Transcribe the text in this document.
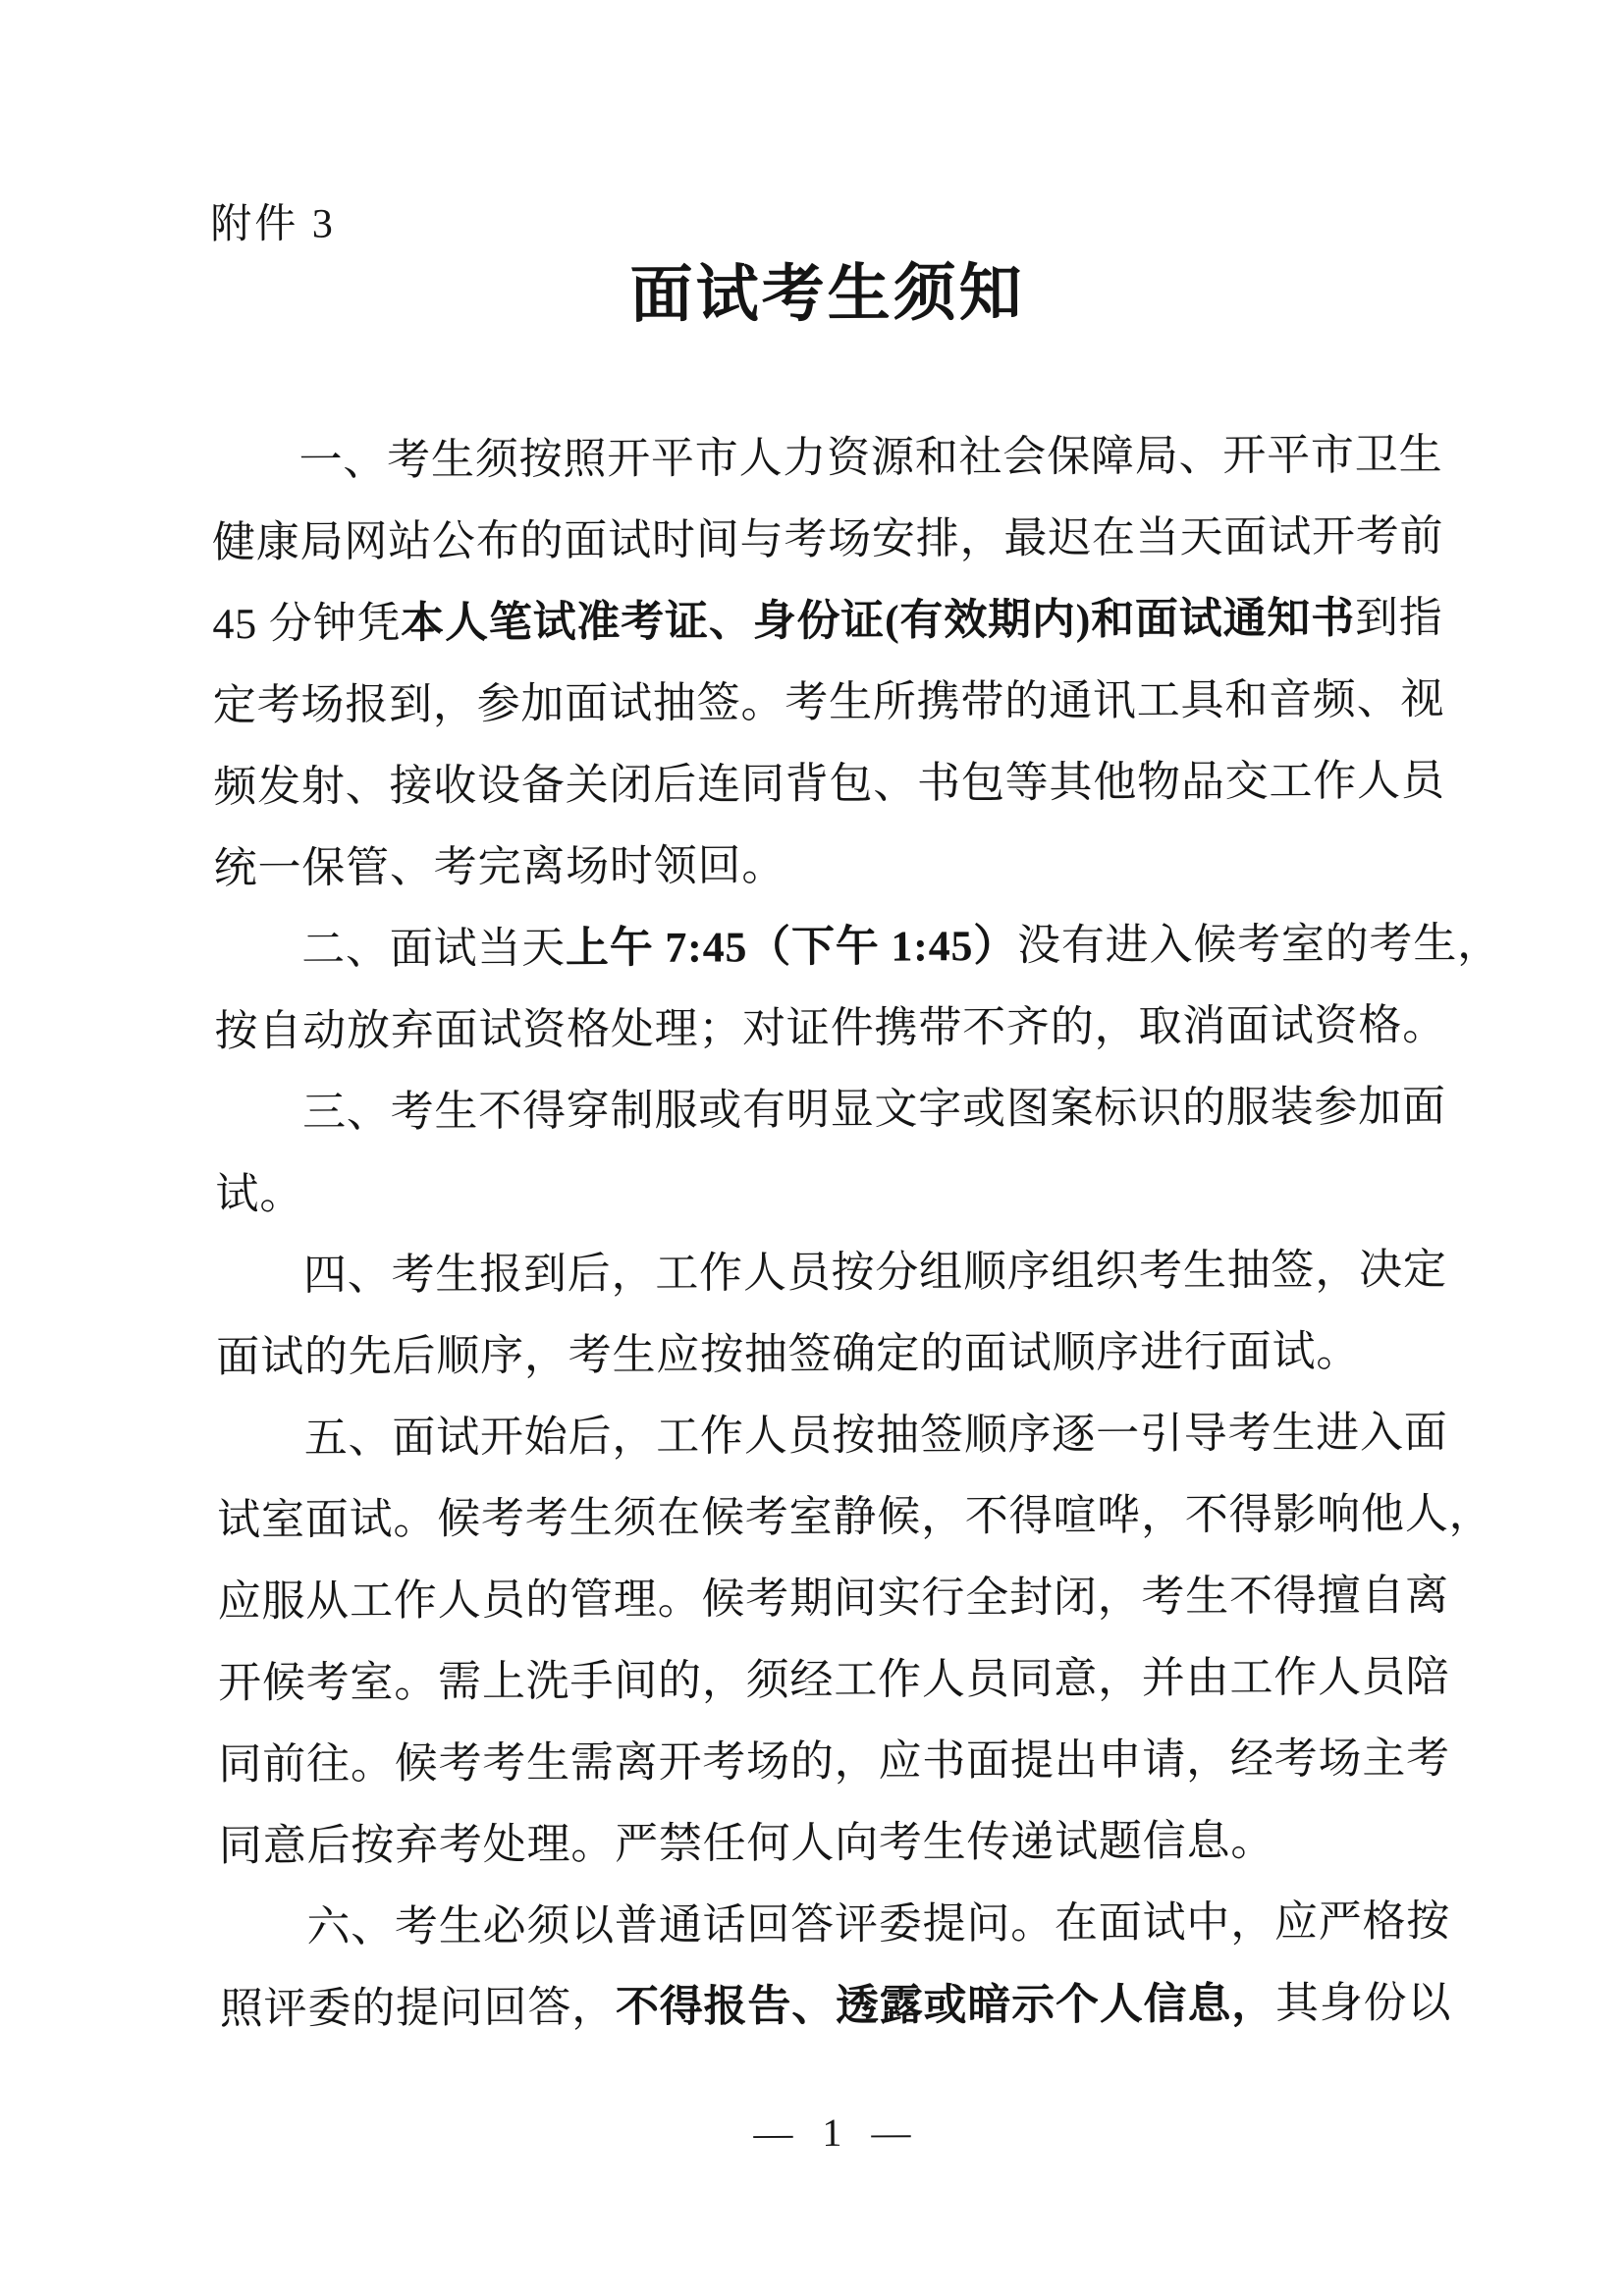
附件 3
面试考生须知
一、考生须按照开平市人力资源和社会保障局、开平市卫生
健康局网站公布的面试时间与考场安排，最迟在当天面试开考前
45 分钟凭本人笔试准考证、身份证(有效期内)和面试通知书到指
定考场报到，参加面试抽签。考生所携带的通讯工具和音频、视
频发射、接收设备关闭后连同背包、书包等其他物品交工作人员
统一保管、考完离场时领回。
二、面试当天上午 7:45（下午 1:45）没有进入候考室的考生，
按自动放弃面试资格处理；对证件携带不齐的，取消面试资格。
三、考生不得穿制服或有明显文字或图案标识的服装参加面
试。
四、考生报到后，工作人员按分组顺序组织考生抽签，决定
面试的先后顺序，考生应按抽签确定的面试顺序进行面试。
五、面试开始后，工作人员按抽签顺序逐一引导考生进入面
试室面试。候考考生须在候考室静候，不得喧哗，不得影响他人，
应服从工作人员的管理。候考期间实行全封闭，考生不得擅自离
开候考室。需上洗手间的，须经工作人员同意，并由工作人员陪
同前往。候考考生需离开考场的，应书面提出申请，经考场主考
同意后按弃考处理。严禁任何人向考生传递试题信息。
六、考生必须以普通话回答评委提问。在面试中，应严格按
照评委的提问回答，不得报告、透露或暗示个人信息，其身份以
— 1 —
